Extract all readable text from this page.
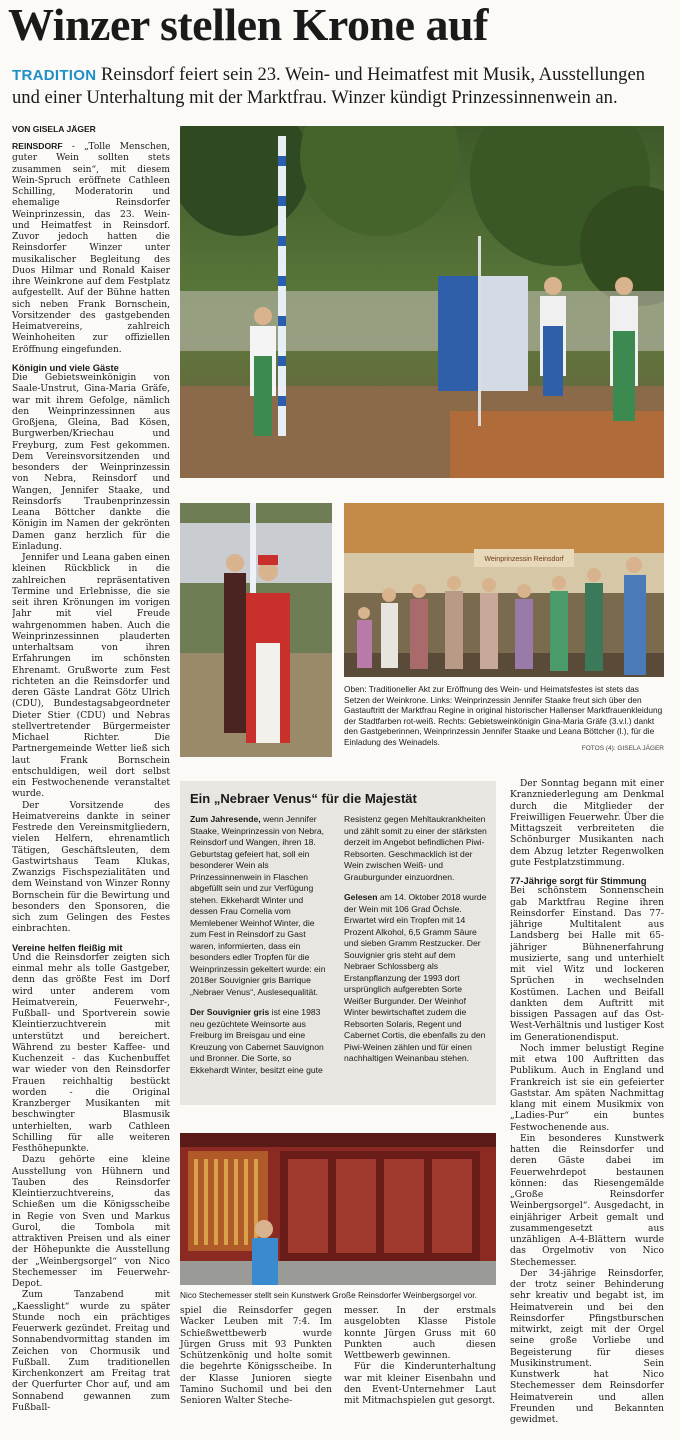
Winzer stellen Krone auf
TRADITION Reinsdorf feiert sein 23. Wein- und Heimatfest mit Musik, Ausstellungen und einer Unterhaltung mit der Marktfrau. Winzer kündigt Prinzessinnenwein an.
VON GISELA JÄGER

REINSDORF - „Tolle Menschen, guter Wein sollten stets zusammen sein“, mit diesem Wein-Spruch eröffnete Cathleen Schilling, Moderatorin und ehemalige Reinsdorfer Weinprinzessin, das 23. Wein- und Heimatfest in Reinsdorf. Zuvor jedoch hatten die Reinsdorfer Winzer unter musikalischer Begleitung des Duos Hilmar und Ronald Kaiser ihre Weinkrone auf dem Festplatz aufgestellt. Auf der Bühne hatten sich neben Frank Bornschein, Vorsitzender des gastgebenden Heimatvereins, zahlreich Weinhoheiten zur offiziellen Eröffnung eingefunden.

Königin und viele Gäste

Die Gebietsweinkönigin von Saale-Unstrut, Gina-Maria Gräfe, war mit ihrem Gefolge, nämlich den Weinprinzessinnen aus Großjena, Gleina, Bad Kösen, Burgwerben/Kriechau und Freyburg, zum Fest gekommen. Dem Vereinsvorsitzenden und besonders der Weinprinzessin von Nebra, Reinsdorf und Wangen, Jennifer Staake, und Reinsdorfs Traubenprinzessin Leana Böttcher dankte die Königin im Namen der gekrönten Damen ganz herzlich für die Einladung.

Jennifer und Leana gaben einen kleinen Rückblick in die zahlreichen repräsentativen Termine und Erlebnisse, die sie seit ihren Krönungen im vorigen Jahr mit viel Freude wahrgenommen haben. Auch die Weinprinzessinnen plauderten unterhaltsam von ihren Erfahrungen im schönsten Ehrenamt. Grußworte zum Fest richteten an die Reinsdorfer und deren Gäste Landrat Götz Ulrich (CDU), Bundestagsabgeordneter Dieter Stier (CDU) und Nebras stellvertretender Bürgermeister Michael Richter. Die Partnergemeinde Wetter ließ sich laut Frank Bornschein entschuldigen, weil dort selbst ein Festwochenende veranstaltet wurde.

Der Vorsitzende des Heimatvereins dankte in seiner Festrede den Vereinsmitgliedern, vielen Helfern, ehrenamtlich Tätigen, Geschäftsleuten, dem Gastwirtshaus Team Klukas, Zwanzigs Fischspezialitäten und dem Weinstand von Winzer Ronny Bornschein für die Bewirtung und besonders den Sponsoren, die sich zum Gelingen des Festes einbrachten.

Vereine helfen fleißig mit

Und die Reinsdorfer zeigten sich einmal mehr als tolle Gastgeber, denn das größte Fest im Dorf wird unter anderem vom Heimatverein, Feuerwehr-, Fußball- und Sportverein sowie Kleintierzuchtverein mit unterstützt und bereichert. Während zu bester Kaffee- und Kuchenzeit - das Kuchenbuffet war wieder von den Reinsdorfer Frauen reichhaltig bestückt worden - die Original Kranzberger Musikanten mit beschwingter Blasmusik unterhielten, warb Cathleen Schilling für alle weiteren Festhöhepunkte.

Dazu gehörte eine kleine Ausstellung von Hühnern und Tauben des Reinsdorfer Kleintierzuchtvereins, das Schießen um die Königsscheibe in Regie von Sven und Markus Gurol, die Tombola mit attraktiven Preisen und als einer der Höhepunkte die Ausstellung der „Weinbergsorgel“ von Nico Stechemesser im Feuerwehr-Depot.

Zum Tanzabend mit „Kaesslight“ wurde zu später Stunde noch ein prächtiges Feuerwerk gezündet. Freitag und Sonnabendvormittag standen im Zeichen von Chormusik und Fußball. Zum traditionellen Kirchenkonzert am Freitag trat der Querfurter Chor auf, und am Sonnabend gewannen zum Fußball-

Weinprinzessin Reinsdorf
Oben: Traditioneller Akt zur Eröffnung des Wein- und Heimatsfestes ist stets das Setzen der Weinkrone. Links: Weinprinzessin Jennifer Staake freut sich über den Gastauftritt der Marktfrau Regine in original historischer Hallenser Marktfrauenkleidung der Stadtfarben rot-weiß. Rechts: Gebietsweinkönigin Gina-Maria Gräfe (3.v.l.) dankt den Gastgeberinnen, Weinprinzessin Jennifer Staake und Leana Böttcher (l.), für die Einladung des Weinadels.
FOTOS (4): GISELA JÄGER
Ein „Nebraer Venus“ für die Majestät

Zum Jahresende, wenn Jennifer Staake, Weinprinzessin von Nebra, Reinsdorf und Wangen, ihren 18. Geburtstag gefeiert hat, soll ein besonderer Wein als Prinzessinnenwein in Flaschen abgefüllt sein und zur Verfügung stehen. Ekkehardt Winter und dessen Frau Cornelia vom Memlebener Weinhof Winter, die zum Fest in Reinsdorf zu Gast waren, informierten, dass ein besonders edler Tropfen für die Weinprinzessin gekeltert wurde: ein 2018er Souvignier gris Barrique „Nebraer Venus“, Auslesequalität.

Der Souvignier gris ist eine 1983 neu gezüchtete Weinsorte aus Freiburg im Breisgau und eine Kreuzung von Cabernet Sauvignon und Bronner. Die Sorte, so Ekkehardt Winter, besitzt eine gute

Resistenz gegen Mehltaukrankheiten und zählt somit zu einer der stärksten derzeit im Angebot befindlichen Piwi-Rebsorten. Geschmacklich ist der Wein zwischen Weiß- und Grauburgunder einzuordnen.

Gelesen am 14. Oktober 2018 wurde der Wein mit 106 Grad Öchsle. Erwartet wird ein Tropfen mit 14 Prozent Alkohol, 6,5 Gramm Säure und sieben Gramm Restzucker. Der Souvignier gris steht auf dem Nebraer Schlossberg als Erstanpflanzung der 1993 dort ursprünglich aufgerebten Sorte Weißer Burgunder. Der Weinhof Winter bewirtschaftet zudem die Rebsorten Solaris, Regent und Cabernet Cortis, die ebenfalls zu den Piwi-Weinen zählen und für einen nachhaltigen Weinanbau stehen.

Nico Stechemesser stellt sein Kunstwerk Große Reinsdorfer Weinbergsorgel vor.

spiel die Reinsdorfer gegen Wacker Leuben mit 7:4. Im Schießwettbewerb wurde Jürgen Gruss mit 93 Punkten Schützenkönig und holte somit die begehrte Königsscheibe. In der Klasse Junioren siegte Tamino Suchomil und bei den Senioren Walter Steche-

messer. In der erstmals ausgelobten Klasse Pistole konnte Jürgen Gruss mit 60 Punkten auch diesen Wettbewerb gewinnen.

Für die Kinderunterhaltung war mit kleiner Eisenbahn und den Event-Unternehmer Laut mit Mitmachspielen gut gesorgt.

Der Sonntag begann mit einer Kranzniederlegung am Denkmal durch die Mitglieder der Freiwilligen Feuerwehr. Über die Mittagszeit verbreiteten die Schönburger Musikanten nach dem Abzug letzter Regenwolken gute Festplatzstimmung.

77-Jährige sorgt für Stimmung

Bei schönstem Sonnenschein gab Marktfrau Regine ihren Reinsdorfer Einstand. Das 77-jährige Multitalent aus Landsberg bei Halle mit 65-jähriger Bühnenerfahrung musizierte, sang und unterhielt mit viel Witz und lockeren Sprüchen in wechselnden Kostümen. Lachen und Beifall dankten dem Auftritt mit bissigen Passagen auf das Ost-West-Verhältnis und lustiger Kost im Generationendisput.

Noch immer belustigt Regine mit etwa 100 Auftritten das Publikum. Auch in England und Frankreich ist sie ein gefeierter Gaststar. Am späten Nachmittag klang mit einem Musikmix von „Ladies-Pur“ ein buntes Festwochenende aus.

Ein besonderes Kunstwerk hatten die Reinsdorfer und deren Gäste dabei im Feuerwehrdepot bestaunen können: das Riesengemälde „Große Reinsdorfer Weinbergsorgel“. Ausgedacht, in einjähriger Arbeit gemalt und zusammengesetzt aus unzähligen A-4-Blättern wurde das Orgelmotiv von Nico Stechemesser.

Der 34-jährige Reinsdorfer, der trotz seiner Behinderung sehr kreativ und begabt ist, im Heimatverein und bei den Reinsdorfer Pfingstburschen mitwirkt, zeigt mit der Orgel seine große Vorliebe und Begeisterung für dieses Musikinstrument. Sein Kunstwerk hat Nico Stechemesser dem Reinsdorfer Heimatverein und allen Freunden und Bekannten gewidmet.
